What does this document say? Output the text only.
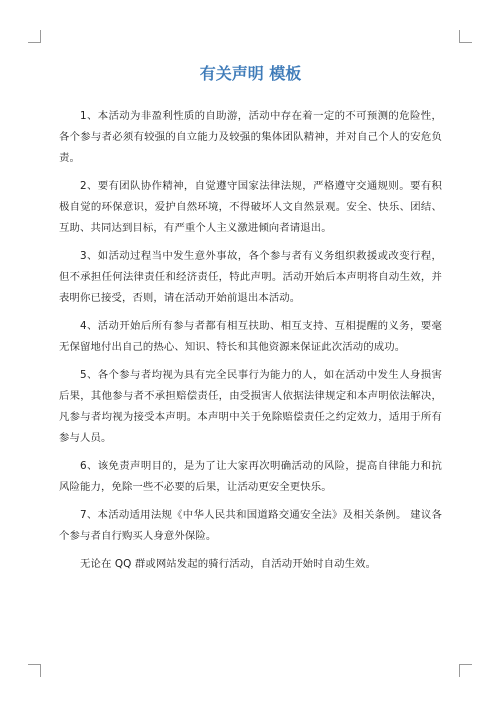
有关声明 模板

1、本活动为非盈利性质的自助游，活动中存在着一定的不可预测的危险性，各个参与者必须有较强的自立能力及较强的集体团队精神，并对自己个人的安危负责。

2、要有团队协作精神，自觉遵守国家法律法规，严格遵守交通规则。要有积极自觉的环保意识，爱护自然环境，不得破坏人文自然景观。安全、快乐、团结、互助、共同达到目标，有严重个人主义激进倾向者请退出。

3、如活动过程当中发生意外事故，各个参与者有义务组织救援或改变行程，但不承担任何法律责任和经济责任，特此声明。活动开始后本声明将自动生效，并表明你已接受，否则，请在活动开始前退出本活动。

4、活动开始后所有参与者都有相互扶助、相互支持、互相提醒的义务，要毫无保留地付出自己的热心、知识、特长和其他资源来保证此次活动的成功。

5、各个参与者均视为具有完全民事行为能力的人，如在活动中发生人身损害后果，其他参与者不承担赔偿责任，由受损害人依据法律规定和本声明依法解决，凡参与者均视为接受本声明。本声明中关于免除赔偿责任之约定效力，适用于所有参与人员。

6、该免责声明目的，是为了让大家再次明确活动的风险，提高自律能力和抗风险能力，免除一些不必要的后果，让活动更安全更快乐。

7、本活动适用法规《中华人民共和国道路交通安全法》及相关条例。 建议各个参与者自行购买人身意外保险。

无论在 QQ 群或网站发起的骑行活动，自活动开始时自动生效。
